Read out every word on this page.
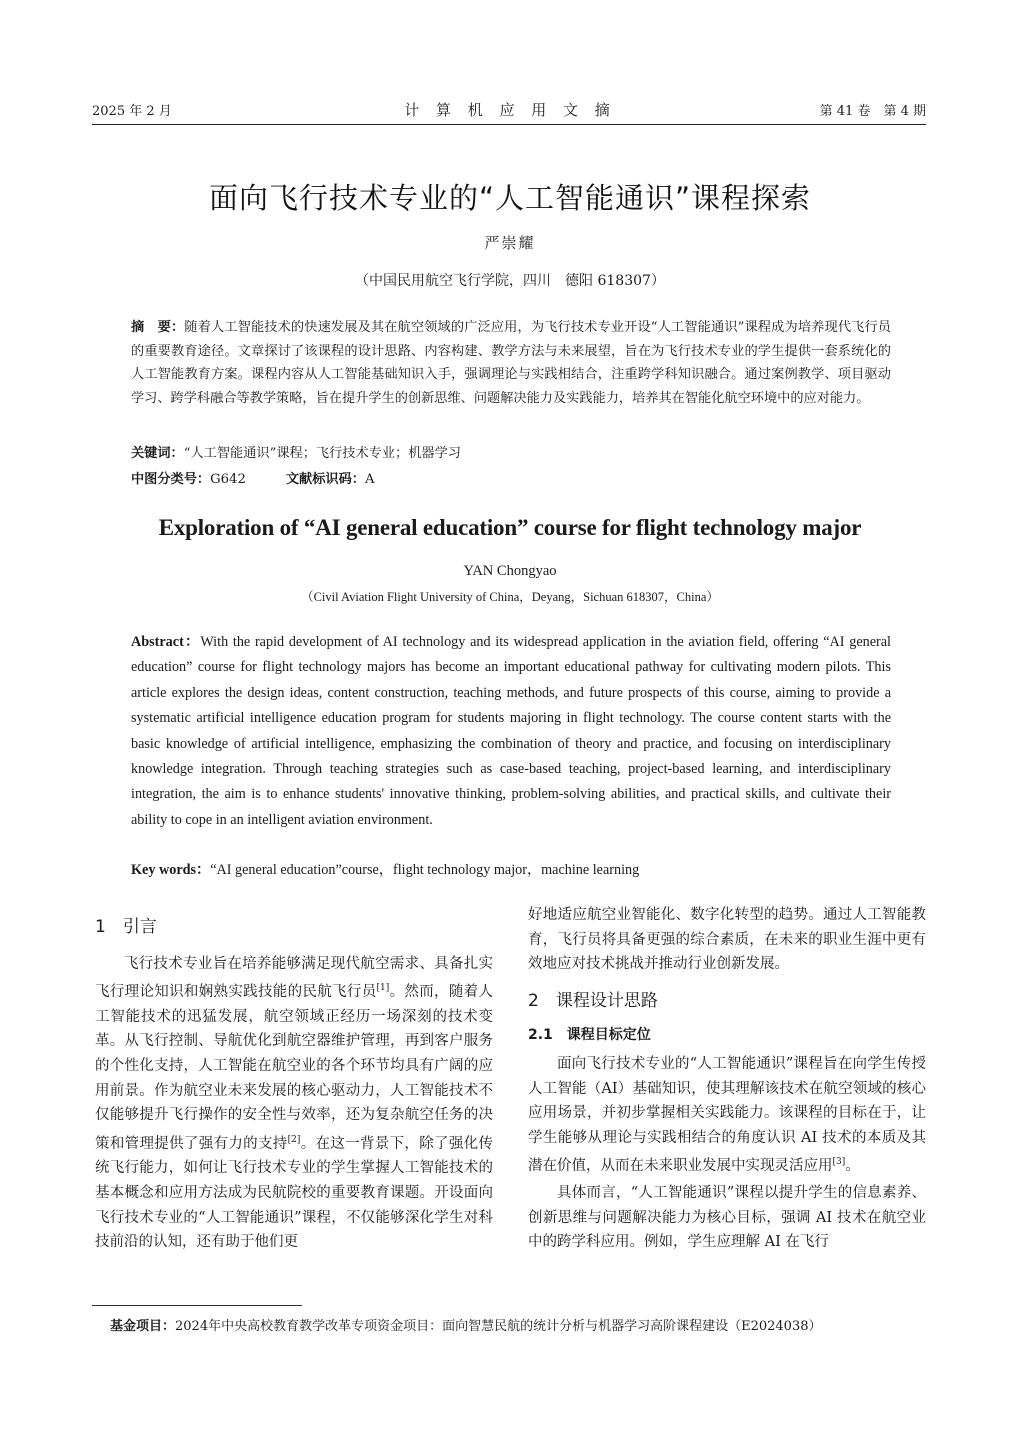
2025 年 2 月	计 算 机 应 用 文 摘	第 41 卷　第 4 期
面向飞行技术专业的“人工智能通识”课程探索
严崇耀
（中国民用航空飞行学院，四川　德阳 618307）
摘　要：随着人工智能技术的快速发展及其在航空领域的广泛应用，为飞行技术专业开设“人工智能通识”课程成为培养现代飞行员的重要教育途径。文章探讨了该课程的设计思路、内容构建、教学方法与未来展望，旨在为飞行技术专业的学生提供一套系统化的人工智能教育方案。课程内容从人工智能基础知识入手，强调理论与实践相结合，注重跨学科知识融合。通过案例教学、项目驱动学习、跨学科融合等教学策略，旨在提升学生的创新思维、问题解决能力及实践能力，培养其在智能化航空环境中的应对能力。
关键词：“人工智能通识”课程；飞行技术专业；机器学习
中图分类号：G642	文献标识码：A
Exploration of “AI general education” course for flight technology major
YAN Chongyao
（Civil Aviation Flight University of China，Deyang，Sichuan 618307，China）
Abstract：With the rapid development of AI technology and its widespread application in the aviation field, offering “AI general education” course for flight technology majors has become an important educational pathway for cultivating modern pilots. This article explores the design ideas, content construction, teaching methods, and future prospects of this course, aiming to provide a systematic artificial intelligence education program for students majoring in flight technology. The course content starts with the basic knowledge of artificial intelligence, emphasizing the combination of theory and practice, and focusing on interdisciplinary knowledge integration. Through teaching strategies such as case-based teaching, project-based learning, and interdisciplinary integration, the aim is to enhance students' innovative thinking, problem-solving abilities, and practical skills, and cultivate their ability to cope in an intelligent aviation environment.
Key words：“AI general education”course，flight technology major，machine learning
1　引言

飞行技术专业旨在培养能够满足现代航空需求、具备扎实飞行理论知识和娴熟实践技能的民航飞行员[1]。然而，随着人工智能技术的迅猛发展，航空领域正经历一场深刻的技术变革。从飞行控制、导航优化到航空器维护管理，再到客户服务的个性化支持，人工智能在航空业的各个环节均具有广阔的应用前景。作为航空业未来发展的核心驱动力，人工智能技术不仅能够提升飞行操作的安全性与效率，还为复杂航空任务的决策和管理提供了强有力的支持[2]。在这一背景下，除了强化传统飞行能力，如何让飞行技术专业的学生掌握人工智能技术的基本概念和应用方法成为民航院校的重要教育课题。开设面向飞行技术专业的“人工智能通识”课程，不仅能够深化学生对科技前沿的认知，还有助于他们更

好地适应航空业智能化、数字化转型的趋势。通过人工智能教育，飞行员将具备更强的综合素质，在未来的职业生涯中更有效地应对技术挑战并推动行业创新发展。

2　课程设计思路
2.1　课程目标定位

面向飞行技术专业的“人工智能通识”课程旨在向学生传授人工智能（AI）基础知识，使其理解该技术在航空领域的核心应用场景，并初步掌握相关实践能力。该课程的目标在于，让学生能够从理论与实践相结合的角度认识 AI 技术的本质及其潜在价值，从而在未来职业发展中实现灵活应用[3]。

具体而言，“人工智能通识”课程以提升学生的信息素养、创新思维与问题解决能力为核心目标，强调 AI 技术在航空业中的跨学科应用。例如，学生应理解 AI 在飞行

基金项目：2024年中央高校教育教学改革专项资金项目：面向智慧民航的统计分析与机器学习高阶课程建设（E2024038）
